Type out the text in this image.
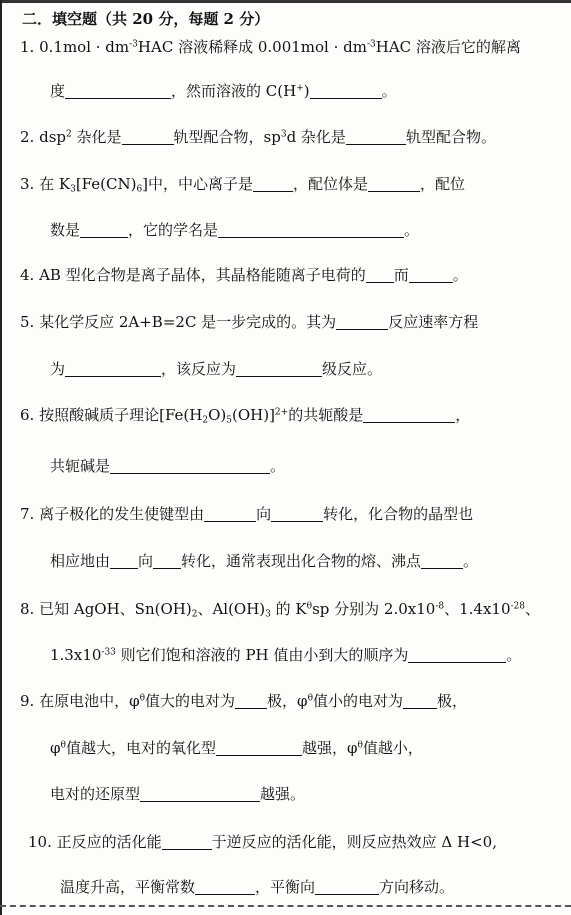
二．填空题（共 20 分，每题 2 分）
1. $0.1mol \cdot dm^{-3}HAC$ 溶液稀释成 $0.001mol \cdot dm^{-3}HAC$ 溶液后它的解离
度	，然而溶液的 C(H+)	。
2. dsp$^2$ 杂化是	轨型配合物，$sp^3d$ 杂化是	轨型配合物。
3. 在 $K_3[Fe(CN)_6]$中，中心离子是	，配位体是	，配位
数是	，它的学名是	。
4. AB 型化合物是离子晶体，其晶格能随离子电荷的 而	。
5. 某化学反应 2A+B=2C 是一步完成的。其为	反应速率方程
为	，该反应为	级反应。
6. 按照酸碱质子理论$[Fe(H_2O)_5(OH)]^{2+}$的共轭酸是	，
共轭碱是	。
7. 离子极化的发生使键型由	向	转化，化合物的晶型也
相应地由 向 转化，通常表现出化合物的熔、沸点	。
8. 已知 AgOH、$Sn(OH)_2$、$Al(OH)_3$ 的 $K^\theta sp$ 分别为 $2.0x10^{-8}$、$1.4x10^{-28}$、
$1.3x10^{-33}$ 则它们饱和溶液的 PH 值由小到大的顺序为	。
9. 在原电池中，$\varphi^\theta$值大的电对为 极，$\varphi^\theta$值小的电对为 极，
$\varphi^\theta$值越大，电对的氧化型	越强，$\varphi^\theta$值越小，
电对的还原型	越强。
10. 正反应的活化能	于逆反应的活化能，则反应热效应 Δ H<0,
温度升高，平衡常数	，平衡向	方向移动。
